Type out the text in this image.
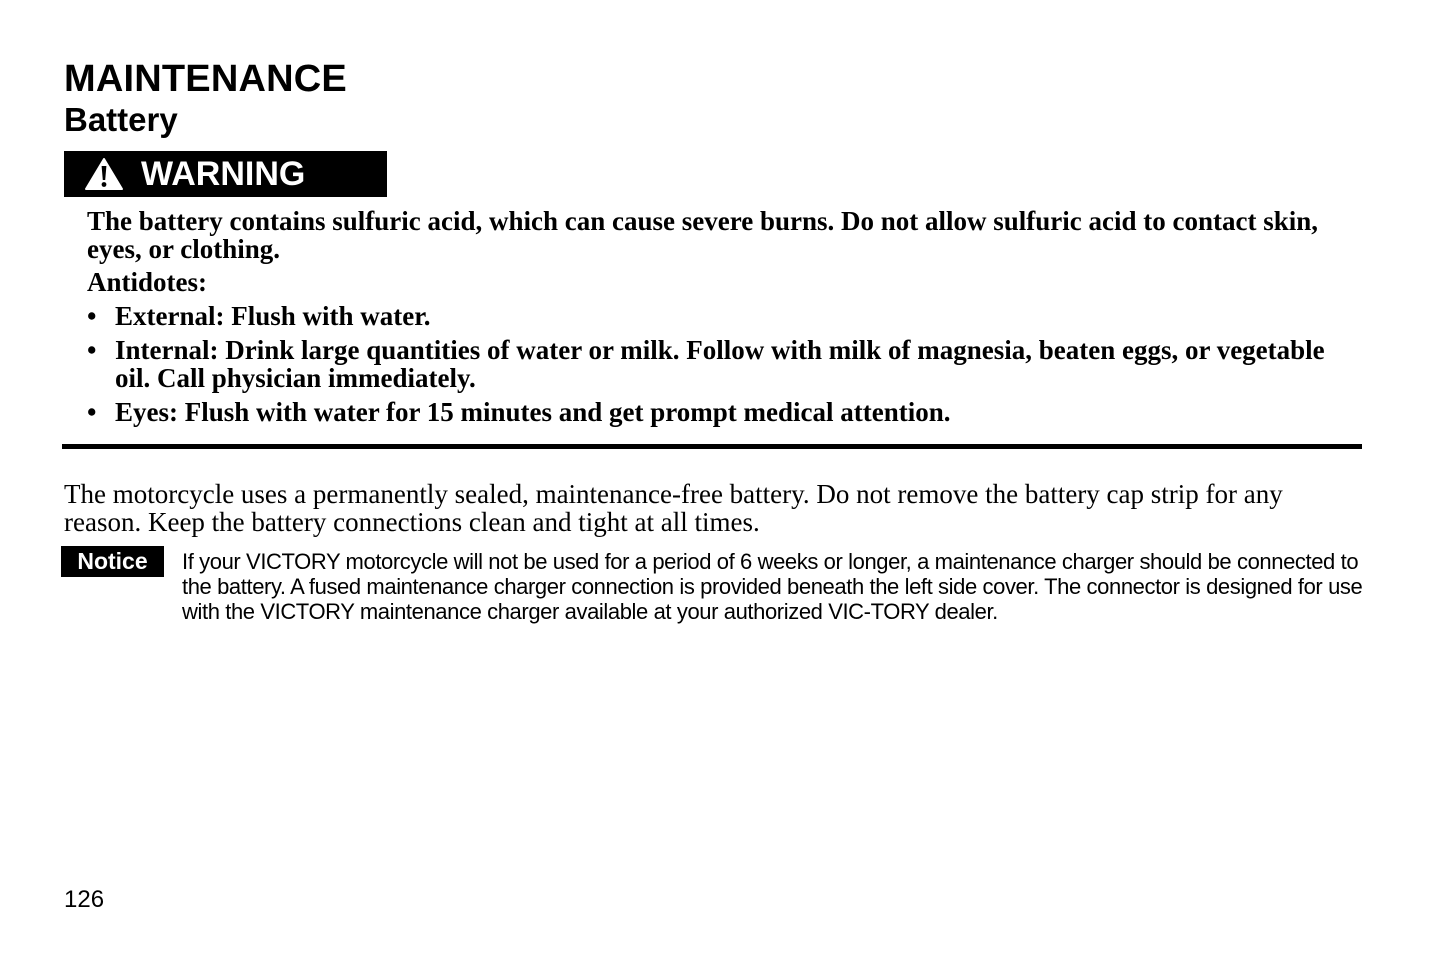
MAINTENANCE
Battery
WARNING

The battery contains sulfuric acid, which can cause severe burns. Do not allow sulfuric acid to contact skin, eyes, or clothing.

Antidotes:

• External: Flush with water.
• Internal: Drink large quantities of water or milk. Follow with milk of magnesia, beaten eggs, or vegetable oil. Call physician immediately.
• Eyes: Flush with water for 15 minutes and get prompt medical attention.

The motorcycle uses a permanently sealed, maintenance-free battery. Do not remove the battery cap strip for any reason. Keep the battery connections clean and tight at all times.

Notice	If your VICTORY motorcycle will not be used for a period of 6 weeks or longer, a maintenance charger should be connected to the battery. A fused maintenance charger connection is provided beneath the left side cover. The connector is designed for use with the VICTORY maintenance charger available at your authorized VIC-TORY dealer.

126
